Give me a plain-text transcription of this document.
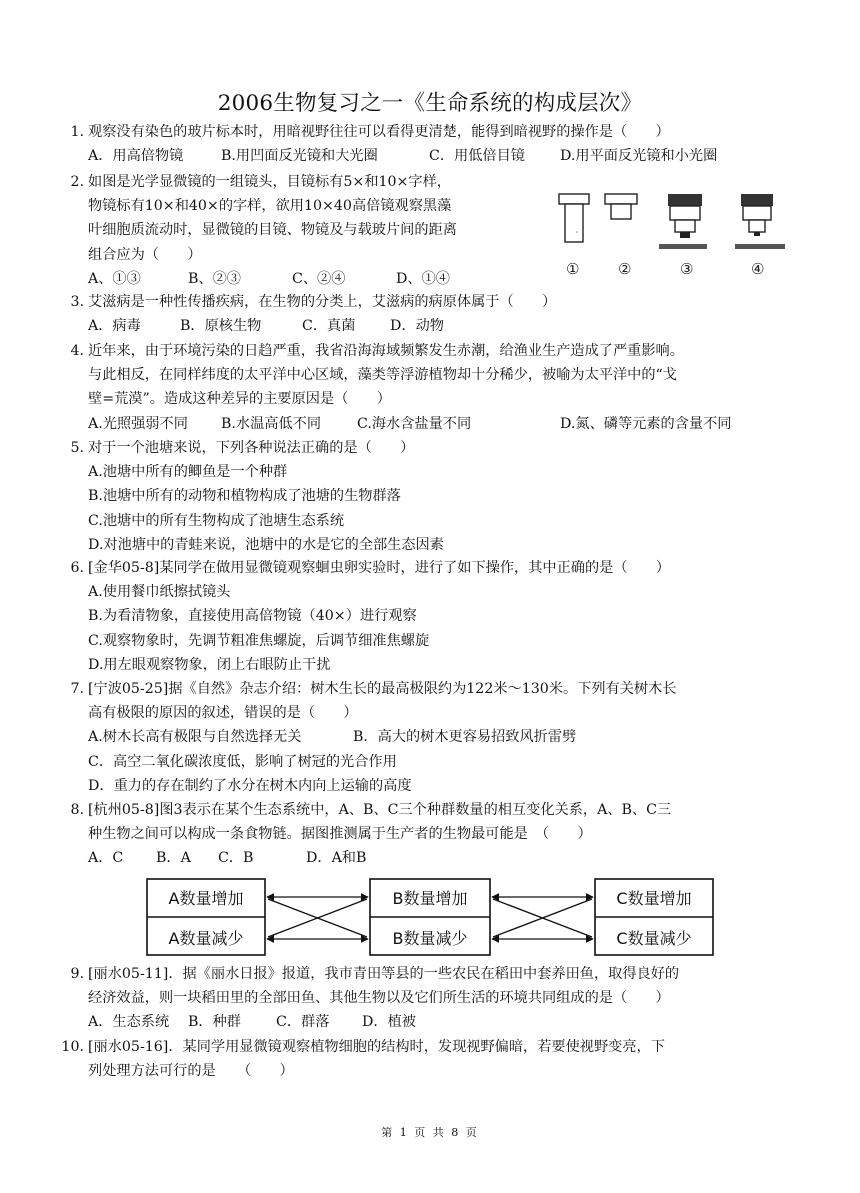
2006生物复习之一《生命系统的构成层次》
1. 观察没有染色的玻片标本时，用暗视野往往可以看得更清楚，能得到暗视野的操作是（　　）
A．用高倍物镜	B.用凹面反光镜和大光圈	C．用低倍目镜	D.用平面反光镜和小光圈
2. 如图是光学显微镜的一组镜头，目镜标有5×和10×字样，
物镜标有10×和40×的字样，欲用10×40高倍镜观察黑藻
叶细胞质流动时，显微镜的目镜、物镜及与载玻片间的距离
组合应为（　　）
A、①③	B、②③	C、②④	D、①④
①	②	③	④
3. 艾滋病是一种性传播疾病，在生物的分类上，艾滋病的病原体属于（　　）
A．病毒	B．原核生物	C．真菌	D．动物
4. 近年来，由于环境污染的日趋严重，我省沿海海域频繁发生赤潮，给渔业生产造成了严重影响。
与此相反，在同样纬度的太平洋中心区域，藻类等浮游植物却十分稀少，被喻为太平洋中的“戈
壁=荒漠”。造成这种差异的主要原因是（　　）
A.光照强弱不同	B.水温高低不同	C.海水含盐量不同	D.氮、磷等元素的含量不同
5. 对于一个池塘来说，下列各种说法正确的是（　　）
A.池塘中所有的鲫鱼是一个种群
B.池塘中所有的动物和植物构成了池塘的生物群落
C.池塘中的所有生物构成了池塘生态系统
D.对池塘中的青蛙来说，池塘中的水是它的全部生态因素
6. [金华05-8]某同学在做用显微镜观察蛔虫卵实验时，进行了如下操作，其中正确的是（　　）
A.使用餐巾纸擦拭镜头
B.为看清物象，直接使用高倍物镜（40×）进行观察
C.观察物象时，先调节粗准焦螺旋，后调节细准焦螺旋
D.用左眼观察物象，闭上右眼防止干扰
7. [宁波05-25]据《自然》杂志介绍：树木生长的最高极限约为122米～130米。下列有关树木长
高有极限的原因的叙述，错误的是（　　）
A.树木长高有极限与自然选择无关	B．高大的树木更容易招致风折雷劈
C．高空二氧化碳浓度低，影响了树冠的光合作用
D．重力的存在制约了水分在树木内向上运输的高度
8. [杭州05-8]图3表示在某个生态系统中，A、B、C三个种群数量的相互变化关系，A、B、C三
种生物之间可以构成一条食物链。据图推测属于生产者的生物最可能是　（　　）
A．C	B．A	C．B	D．A和B
A数量增加
A数量减少
B数量增加
B数量减少
C数量增加
C数量减少
9. [丽水05-11]．据《丽水日报》报道，我市青田等县的一些农民在稻田中套养田鱼，取得良好的
经济效益，则一块稻田里的全部田鱼、其他生物以及它们所生活的环境共同组成的是（　　）
A．生态系统	B．种群	C．群落	D．植被
10. [丽水05-16]．某同学用显微镜观察植物细胞的结构时，发现视野偏暗，若要使视野变亮，下
列处理方法可行的是　　（　　）
第 1 页 共 8 页
